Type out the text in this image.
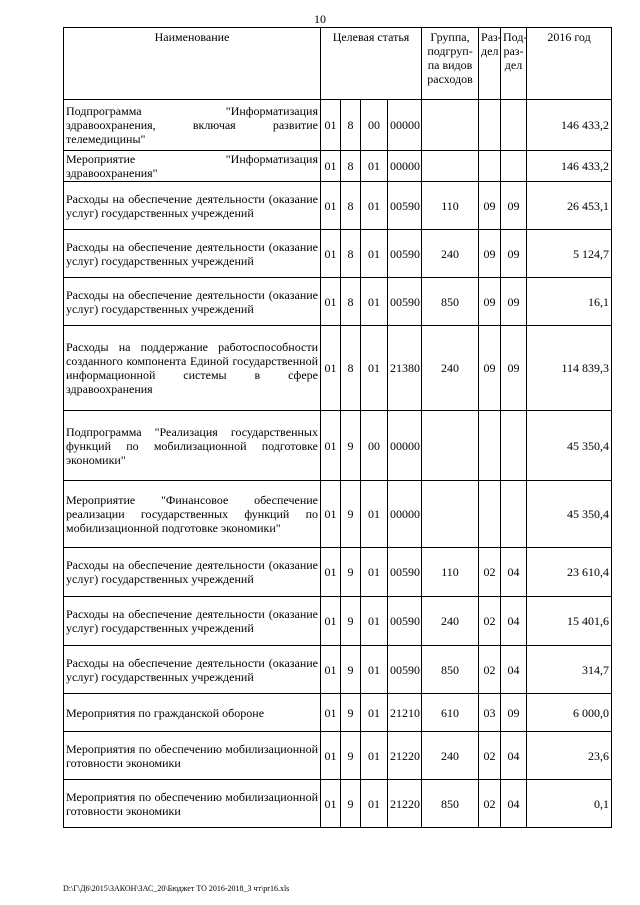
10
Наименование	Целевая статья				Группа, подгруп- па видов расходов	Раз- дел	Под- раз- дел	2016 год
Подпрограмма "Информатизация здравоохранения, включая развитие телемедицины"	01	8	00	00000				146 433,2
Мероприятие "Информатизация здравоохранения"	01	8	01	00000				146 433,2
Расходы на обеспечение деятельности (оказание услуг) государственных учреждений	01	8	01	00590	110	09	09	26 453,1
Расходы на обеспечение деятельности (оказание услуг) государственных учреждений	01	8	01	00590	240	09	09	5 124,7
Расходы на обеспечение деятельности (оказание услуг) государственных учреждений	01	8	01	00590	850	09	09	16,1
Расходы на поддержание работоспособности созданного компонента Единой государственной информационной системы в сфере здравоохранения	01	8	01	21380	240	09	09	114 839,3
Подпрограмма "Реализация государственных функций по мобилизационной подготовке экономики"	01	9	00	00000				45 350,4
Мероприятие "Финансовое обеспечение реализации государственных функций по мобилизационной подготовке экономики"	01	9	01	00000				45 350,4
Расходы на обеспечение деятельности (оказание услуг) государственных учреждений	01	9	01	00590	110	02	04	23 610,4
Расходы на обеспечение деятельности (оказание услуг) государственных учреждений	01	9	01	00590	240	02	04	15 401,6
Расходы на обеспечение деятельности (оказание услуг) государственных учреждений	01	9	01	00590	850	02	04	314,7
Мероприятия по гражданской обороне	01	9	01	21210	610	03	09	6 000,0
Мероприятия по обеспечению мобилизационной готовности экономики	01	9	01	21220	240	02	04	23,6
Мероприятия по обеспечению мобилизационной готовности экономики	01	9	01	21220	850	02	04	0,1
D:\Г\Д6\2015\ЗАКОН\ЗАС_20\Бюджет ТО 2016-2018_3 чт\pr16.xls
